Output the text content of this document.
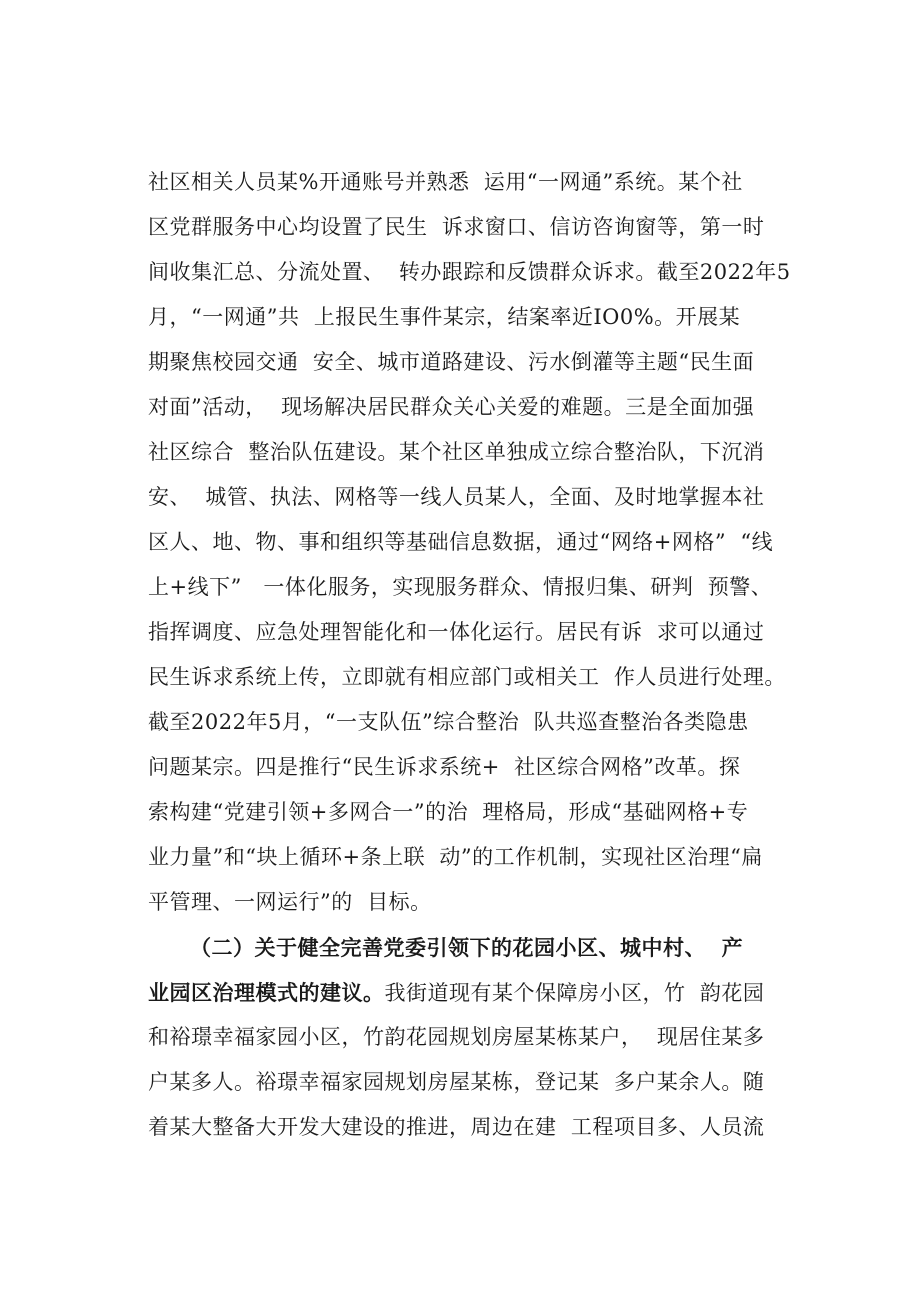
社区相关人员某%开通账号并熟悉  运用“一网通”系统。某个社
区党群服务中心均设置了民生  诉求窗口、信访咨询窗等，第一时
间收集汇总、分流处置、  转办跟踪和反馈群众诉求。截至2022年5
月，“一网通”共  上报民生事件某宗，结案率近IO0%。开展某
期聚焦校园交通  安全、城市道路建设、污水倒灌等主题“民生面
对面”活动，  现场解决居民群众关心关爱的难题。三是全面加强
社区综合  整治队伍建设。某个社区单独成立综合整治队，下沉消
安、  城管、执法、网格等一线人员某人，全面、及时地掌握本社
区人、地、物、事和组织等基础信息数据，通过“网络+网格”  “线
上+线下”   一体化服务，实现服务群众、情报归集、研判  预警、
指挥调度、应急处理智能化和一体化运行。居民有诉  求可以通过
民生诉求系统上传，立即就有相应部门或相关工  作人员进行处理。
截至2022年5月，“一支队伍”综合整治  队共巡查整治各类隐患
问题某宗。四是推行“民生诉求系统+  社区综合网格”改革。探
索构建“党建引领+多网合一”的治  理格局，形成“基础网格+专
业力量”和“块上循环+条上联  动”的工作机制，实现社区治理“扁
平管理、一网运行”的  目标。
（二）关于健全完善党委引领下的花园小区、城中村、  产
业园区治理模式的建议。我街道现有某个保障房小区，竹  韵花园
和裕璟幸福家园小区，竹韵花园规划房屋某栋某户，  现居住某多
户某多人。裕璟幸福家园规划房屋某栋，登记某  多户某余人。随
着某大整备大开发大建设的推进，周边在建  工程项目多、人员流
